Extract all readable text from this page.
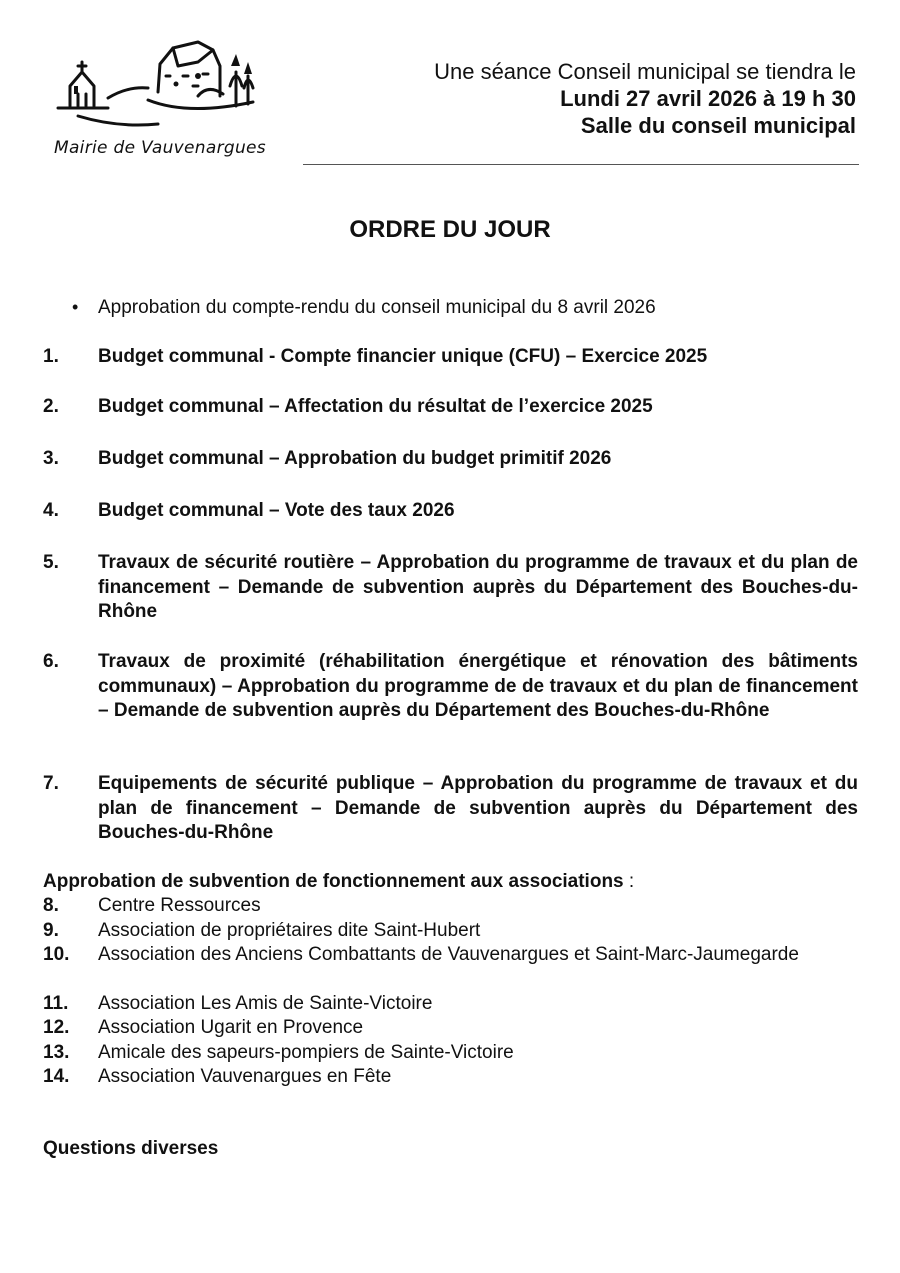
Mairie de Vauvenargues
Une séance Conseil municipal se tiendra le
Lundi 27 avril 2026 à 19 h 30
Salle du conseil municipal
ORDRE DU JOUR
• Approbation du compte-rendu du conseil municipal du 8 avril 2026
1. Budget communal - Compte financier unique (CFU) – Exercice 2025
2. Budget communal – Affectation du résultat de l’exercice 2025
3. Budget communal – Approbation du budget primitif 2026
4. Budget communal – Vote des taux 2026
5. Travaux de sécurité routière – Approbation du programme de travaux et du plan de financement – Demande de subvention auprès du Département des Bouches-du-Rhône
6. Travaux de proximité (réhabilitation énergétique et rénovation des bâtiments communaux) – Approbation du programme de de travaux et du plan de financement – Demande de subvention auprès du Département des Bouches-du-Rhône
7. Equipements de sécurité publique – Approbation du programme de travaux et du plan de financement – Demande de subvention auprès du Département des Bouches-du-Rhône
Approbation de subvention de fonctionnement aux associations :
8. Centre Ressources
9. Association de propriétaires dite Saint-Hubert
10. Association des Anciens Combattants de Vauvenargues et Saint-Marc-Jaumegarde
11. Association Les Amis de Sainte-Victoire
12. Association Ugarit en Provence
13. Amicale des sapeurs-pompiers de Sainte-Victoire
14. Association Vauvenargues en Fête
Questions diverses
